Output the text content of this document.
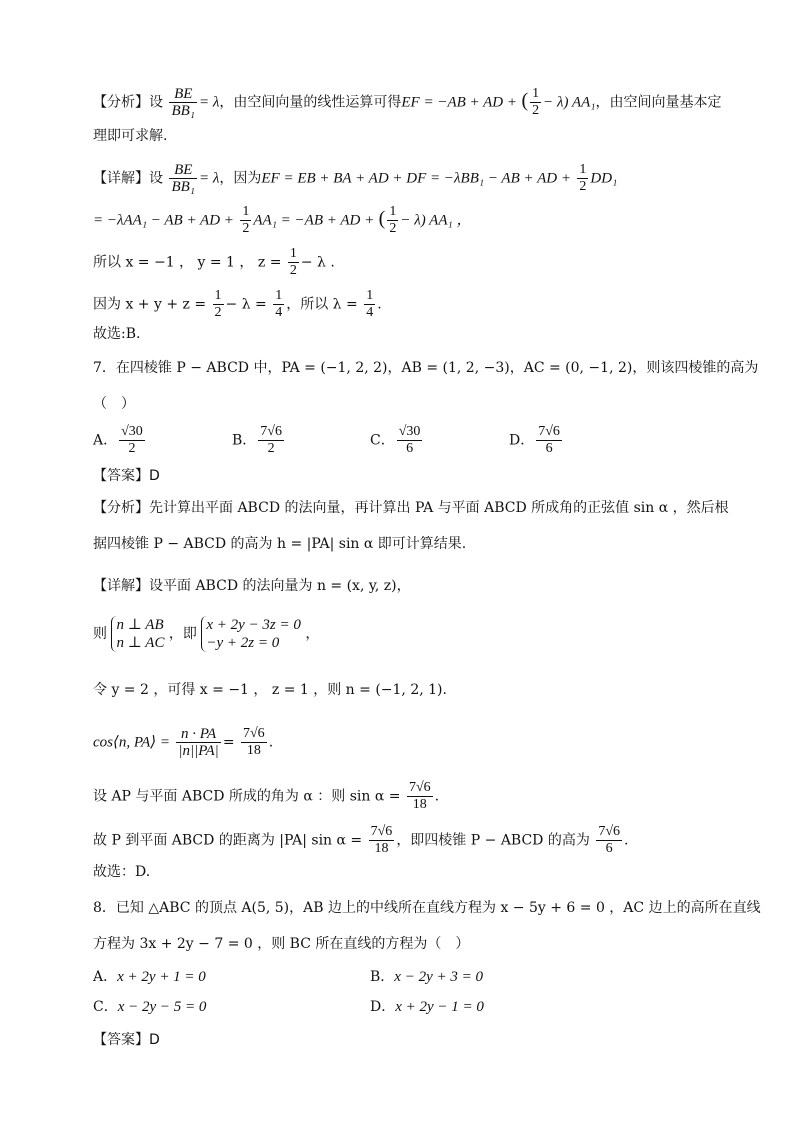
【分析】设 $\frac{BE}{\text{BB₁}} = \lambda$，由空间向量的线性运算可得EF = −AB + AD + ( $\frac{1}{2} - \lambda$) AA₁，由空间向量基本定
理即可求解.
【详解】设 $\frac{BE}{\text{BB₁}} = \lambda$，因为EF = EB + BA + AD + DF = −λBB₁ − AB + AD + $\frac{1}{2} DD_1$
= −λAA₁ − AB + AD + $\frac{1}{2} AA_1 = -AB$ + AD + ( $\frac{1}{2} - \lambda$) AA₁ ，
所以 x = −1 ， y = 1 ， $z = \frac{1}{2} - \lambda$ .
因为 $x + y + z = \frac{1}{2} - \lambda = \frac{1}{4}$ ，所以 $\lambda = \frac{1}{4}$ .
故选:B.
7．在四棱锥 P − ABCD 中，PA = (−1, 2, 2)，AB = (1, 2, −3)，AC = (0, −1, 2)，则该四棱锥的高为
（　）
A． $\frac{√30}{2}$	B． $\frac{7√6}{2}$	C． $\frac{√30}{6}$	D． $\frac{7√6}{6}$
【答案】D
【分析】先计算出平面 ABCD 的法向量，再计算出 PA 与平面 ABCD 所成角的正弦值 sin α ，然后根
据四棱锥 P − ABCD 的高为 h = |PA| sin α 即可计算结果.
【详解】设平面 ABCD 的法向量为 n = (x, y, z)，
则
n ⊥ AB
n ⊥ AC
，即
x + 2y − 3z = 0
−y + 2z = 0
，
令 y = 2 ，可得 x = −1 ， z = 1 ，则 n = (−1, 2, 1).
cos⟨n, PA⟩ = $\frac{n \cdot PA}{|n||PA|} = \frac{7√6}{18}$ .
设 AP 与平面 ABCD 所成的角为 α ：则 $\sin \alpha = \frac{7√6}{18}$ .
故 P 到平面 ABCD 的距离为 |PA| $\sin \alpha = \frac{7√6}{18}$ ，即四棱锥 P − ABCD 的高为 $\frac{7√6}{6}$ .
故选：D.
8．已知 △ABC 的顶点 A(5, 5)，AB 边上的中线所在直线方程为 x − 5y + 6 = 0 ，AC 边上的高所在直线
方程为 3x + 2y − 7 = 0 ，则 BC 所在直线的方程为（　）
A．x + 2y + 1 = 0	B．x − 2y + 3 = 0
C．x − 2y − 5 = 0	D．x + 2y − 1 = 0
【答案】D
